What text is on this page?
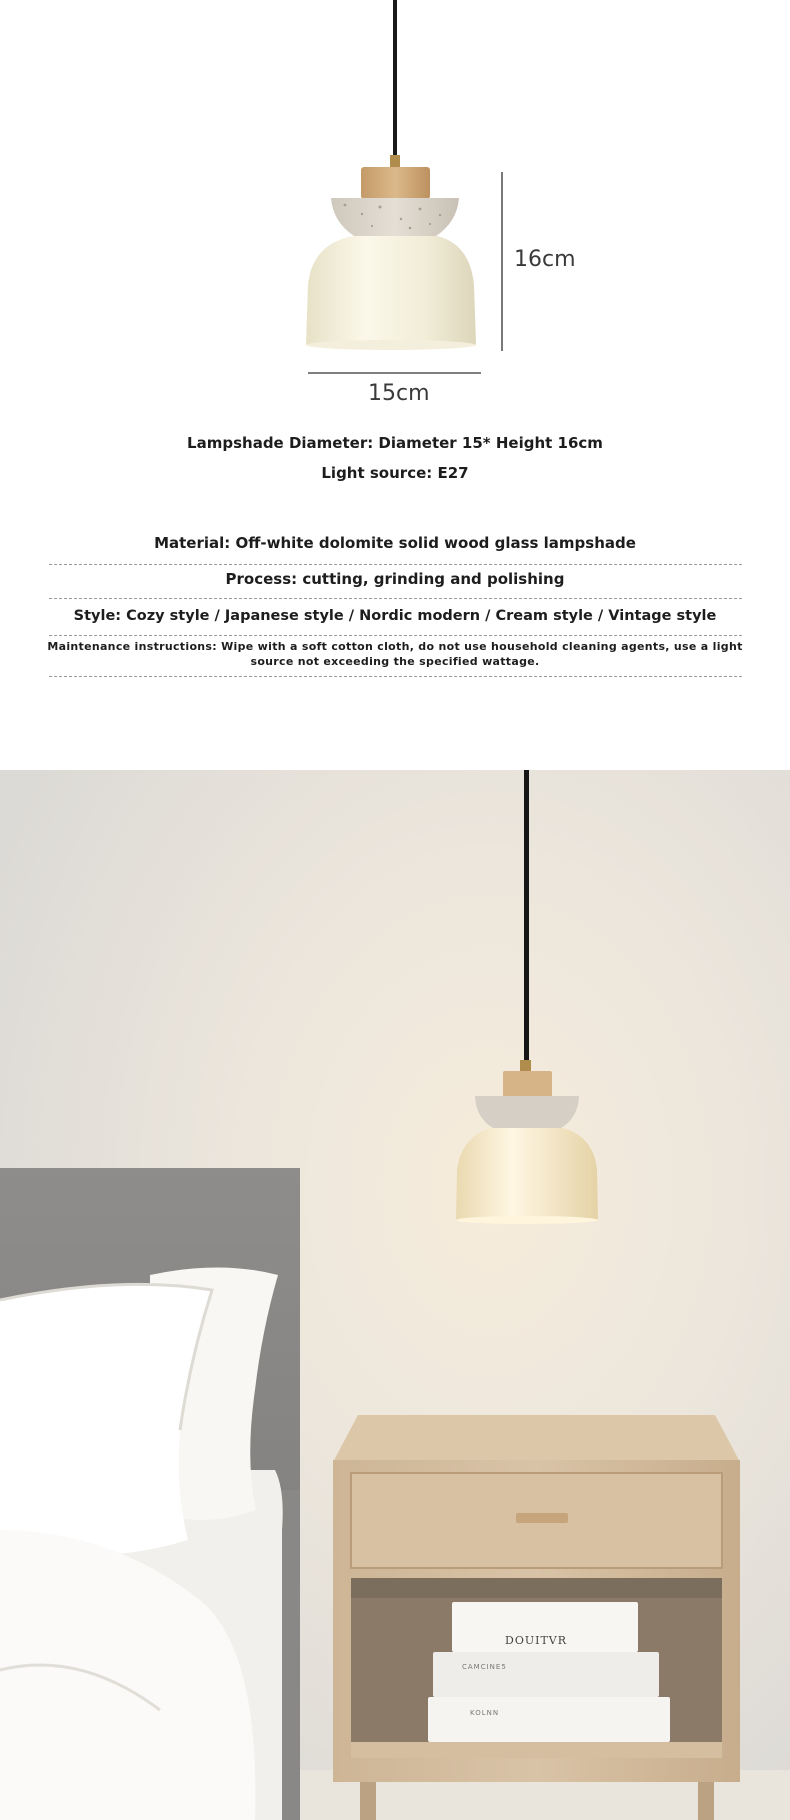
16cm
15cm
Lampshade Diameter: Diameter 15* Height 16cm
Light source: E27
Material: Off-white dolomite solid wood glass lampshade
Process: cutting, grinding and polishing
Style: Cozy style / Japanese style / Nordic modern / Cream style / Vintage style
Maintenance instructions: Wipe with a soft cotton cloth, do not use household cleaning agents, use a light source not exceeding the specified wattage.
DOUITVR
CAMCINE5
KOLNN
